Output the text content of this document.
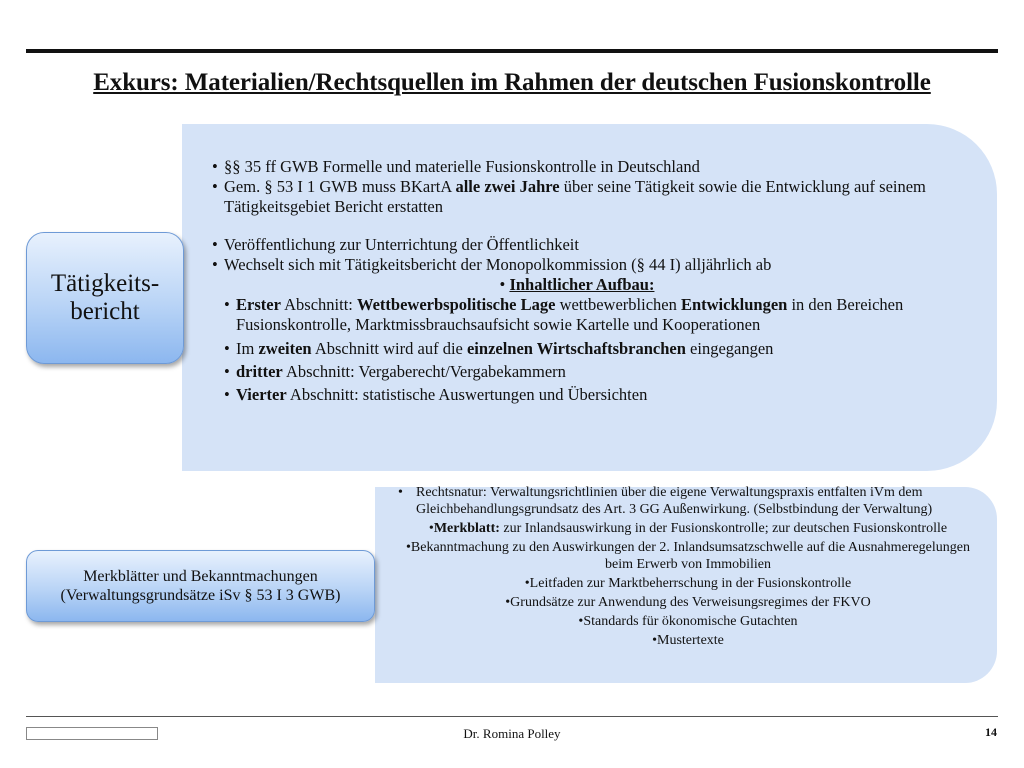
Exkurs: Materialien/Rechtsquellen im Rahmen der deutschen Fusionskontrolle
Tätigkeits-
bericht
Merkblätter und Bekanntmachungen
(Verwaltungsgrundsätze iSv § 53 I 3 GWB)
• §§ 35 ff GWB Formelle und materielle Fusionskontrolle in Deutschland
• Gem. § 53 I 1 GWB muss BKartA alle zwei Jahre über seine Tätigkeit sowie die Entwicklung auf seinem Tätigkeitsgebiet Bericht erstatten
• Veröffentlichung zur Unterrichtung der Öffentlichkeit
• Wechselt sich mit Tätigkeitsbericht der Monopolkommission (§ 44 I) alljährlich ab
• Inhaltlicher Aufbau:
• Erster Abschnitt: Wettbewerbspolitische Lage wettbewerblichen Entwicklungen in den Bereichen Fusionskontrolle, Marktmissbrauchsaufsicht sowie Kartelle und Kooperationen
• Im zweiten Abschnitt wird auf die einzelnen Wirtschaftsbranchen eingegangen
• dritter Abschnitt: Vergaberecht/Vergabekammern
• Vierter Abschnitt: statistische Auswertungen und Übersichten
• Rechtsnatur: Verwaltungsrichtlinien über die eigene Verwaltungspraxis entfalten iVm dem Gleichbehandlungsgrundsatz des Art. 3 GG Außenwirkung. (Selbstbindung der Verwaltung)
•Merkblatt: zur Inlandsauswirkung in der Fusionskontrolle; zur deutschen Fusionskontrolle
•Bekanntmachung zu den Auswirkungen der 2. Inlandsumsatzschwelle auf die Ausnahmeregelungen beim Erwerb von Immobilien
•Leitfaden zur Marktbeherrschung in der Fusionskontrolle
•Grundsätze zur Anwendung des Verweisungsregimes der FKVO
•Standards für ökonomische Gutachten
•Mustertexte
Dr. Romina Polley	14
